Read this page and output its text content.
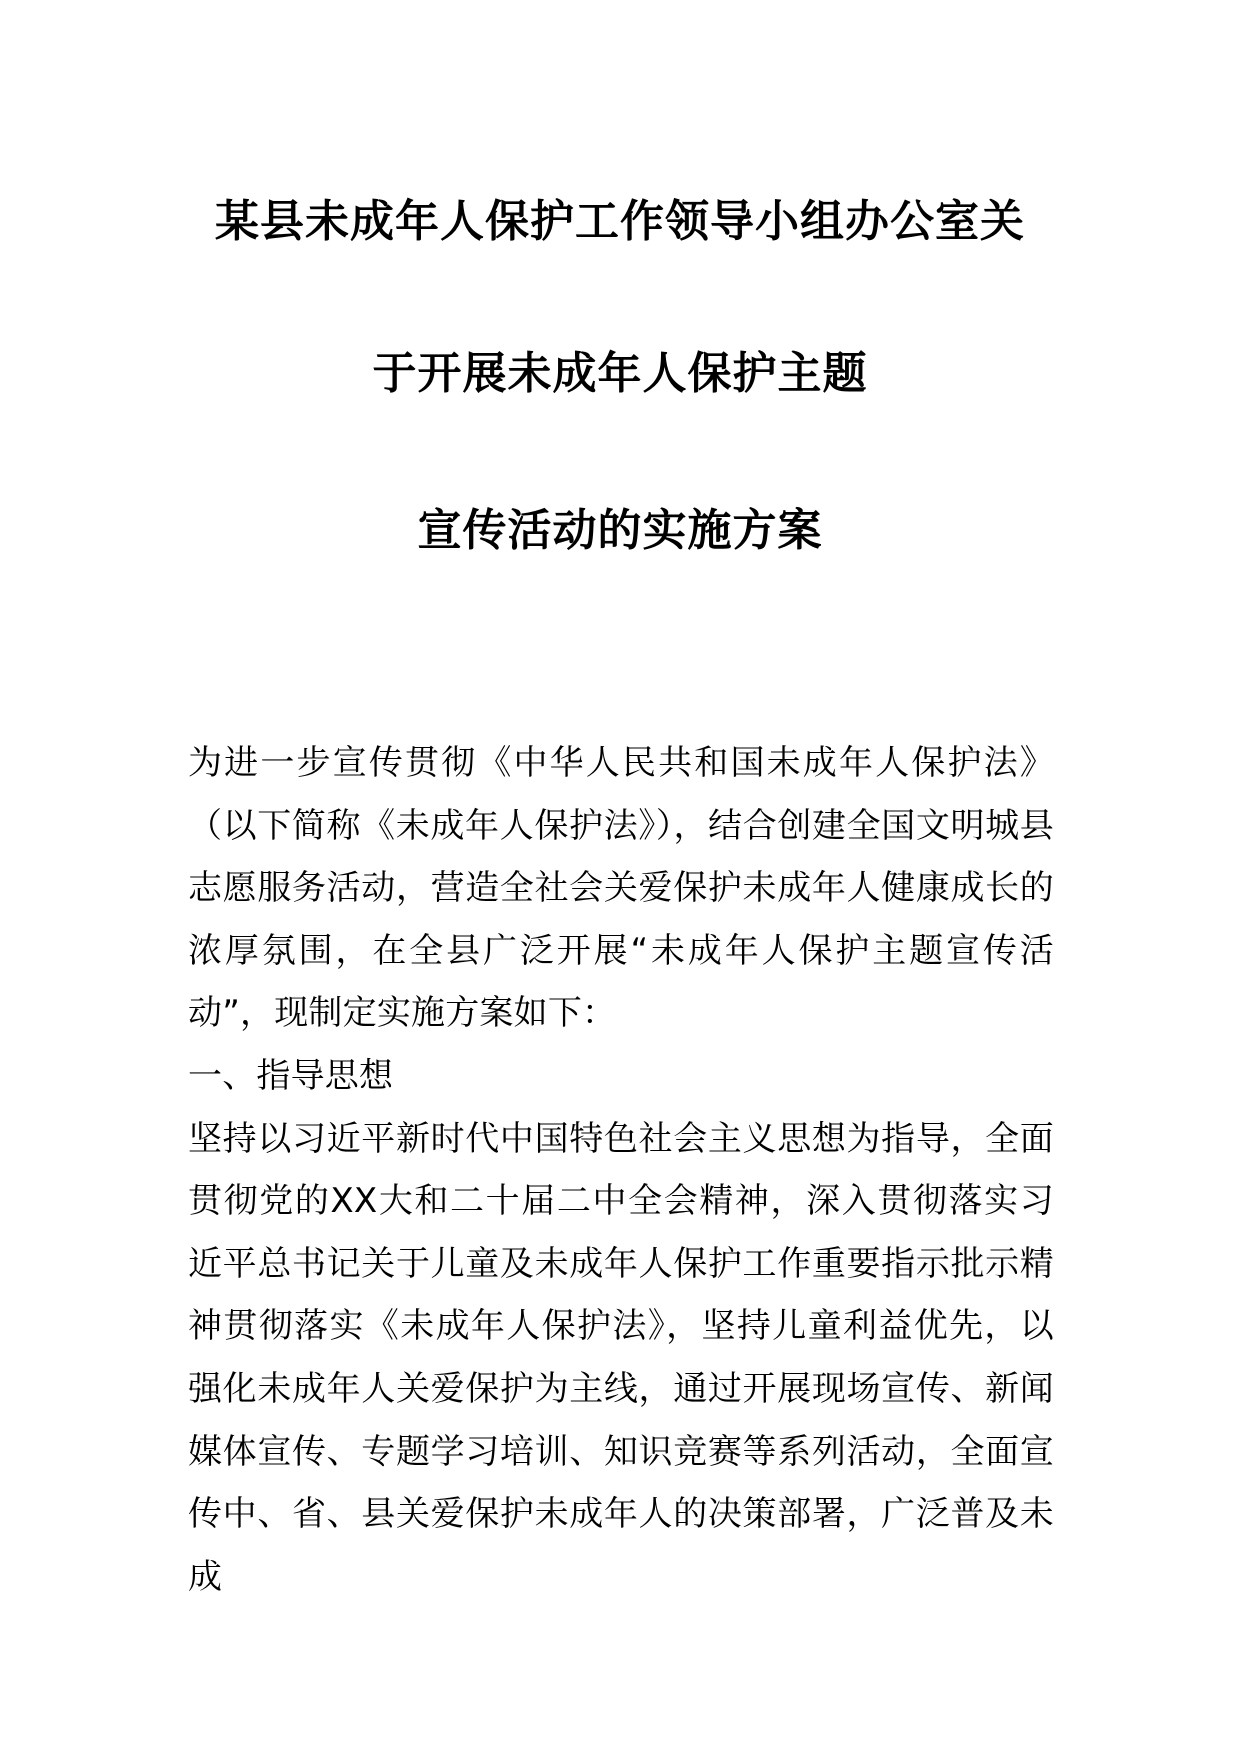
某县未成年人保护工作领导小组办公室关
于开展未成年人保护主题
宣传活动的实施方案

为进一步宣传贯彻《中华人民共和国未成年人保护法》（以下简称《未成年人保护法》），结合创建全国文明城县志愿服务活动，营造全社会关爱保护未成年人健康成长的浓厚氛围，在全县广泛开展“未成年人保护主题宣传活动”，现制定实施方案如下：

一、指导思想

坚持以习近平新时代中国特色社会主义思想为指导，全面贯彻党的XX大和二十届二中全会精神，深入贯彻落实习近平总书记关于儿童及未成年人保护工作重要指示批示精神贯彻落实《未成年人保护法》，坚持儿童利益优先，以强化未成年人关爱保护为主线，通过开展现场宣传、新闻媒体宣传、专题学习培训、知识竞赛等系列活动，全面宣传中、省、县关爱保护未成年人的决策部署，广泛普及未成
